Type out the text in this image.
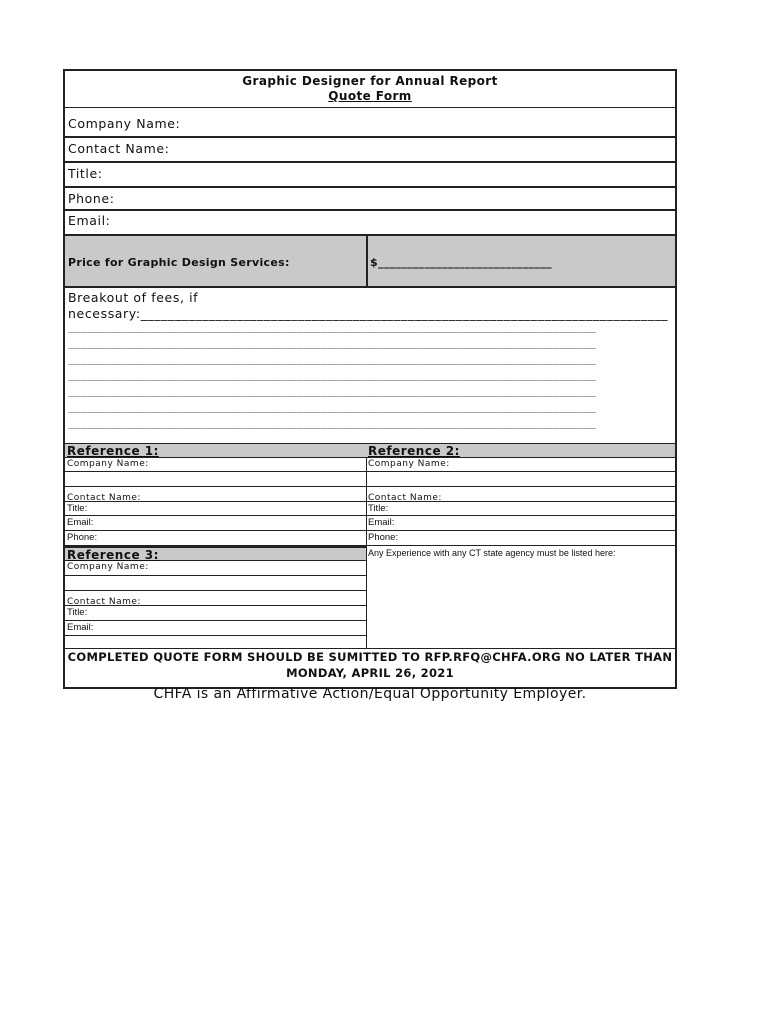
Graphic Designer for Annual Report
Quote Form
Company Name:
Contact Name:
Title:
Phone:
Email:
Price for Graphic Design Services:	$______________________________
Breakout of fees, if
necessary:_____________________________________________________________________________
_________________________________________________________________________________________________________
_________________________________________________________________________________________________________
_________________________________________________________________________________________________________
_________________________________________________________________________________________________________
_________________________________________________________________________________________________________
_________________________________________________________________________________________________________
_________________________________________________________________________________________________________
Reference 1:	Reference 2:
Company Name:
Contact Name:
Title:
Email:
Phone:
Company Name:
Contact Name:
Title:
Email:
Phone:
Reference 3:
Company Name:
Contact Name:
Title:
Email:
Any Experience with any CT state agency must be listed here:
COMPLETED QUOTE FORM SHOULD BE SUMITTED TO RFP.RFQ@CHFA.ORG NO LATER THAN
MONDAY, APRIL 26, 2021
CHFA is an Affirmative Action/Equal Opportunity Employer.
